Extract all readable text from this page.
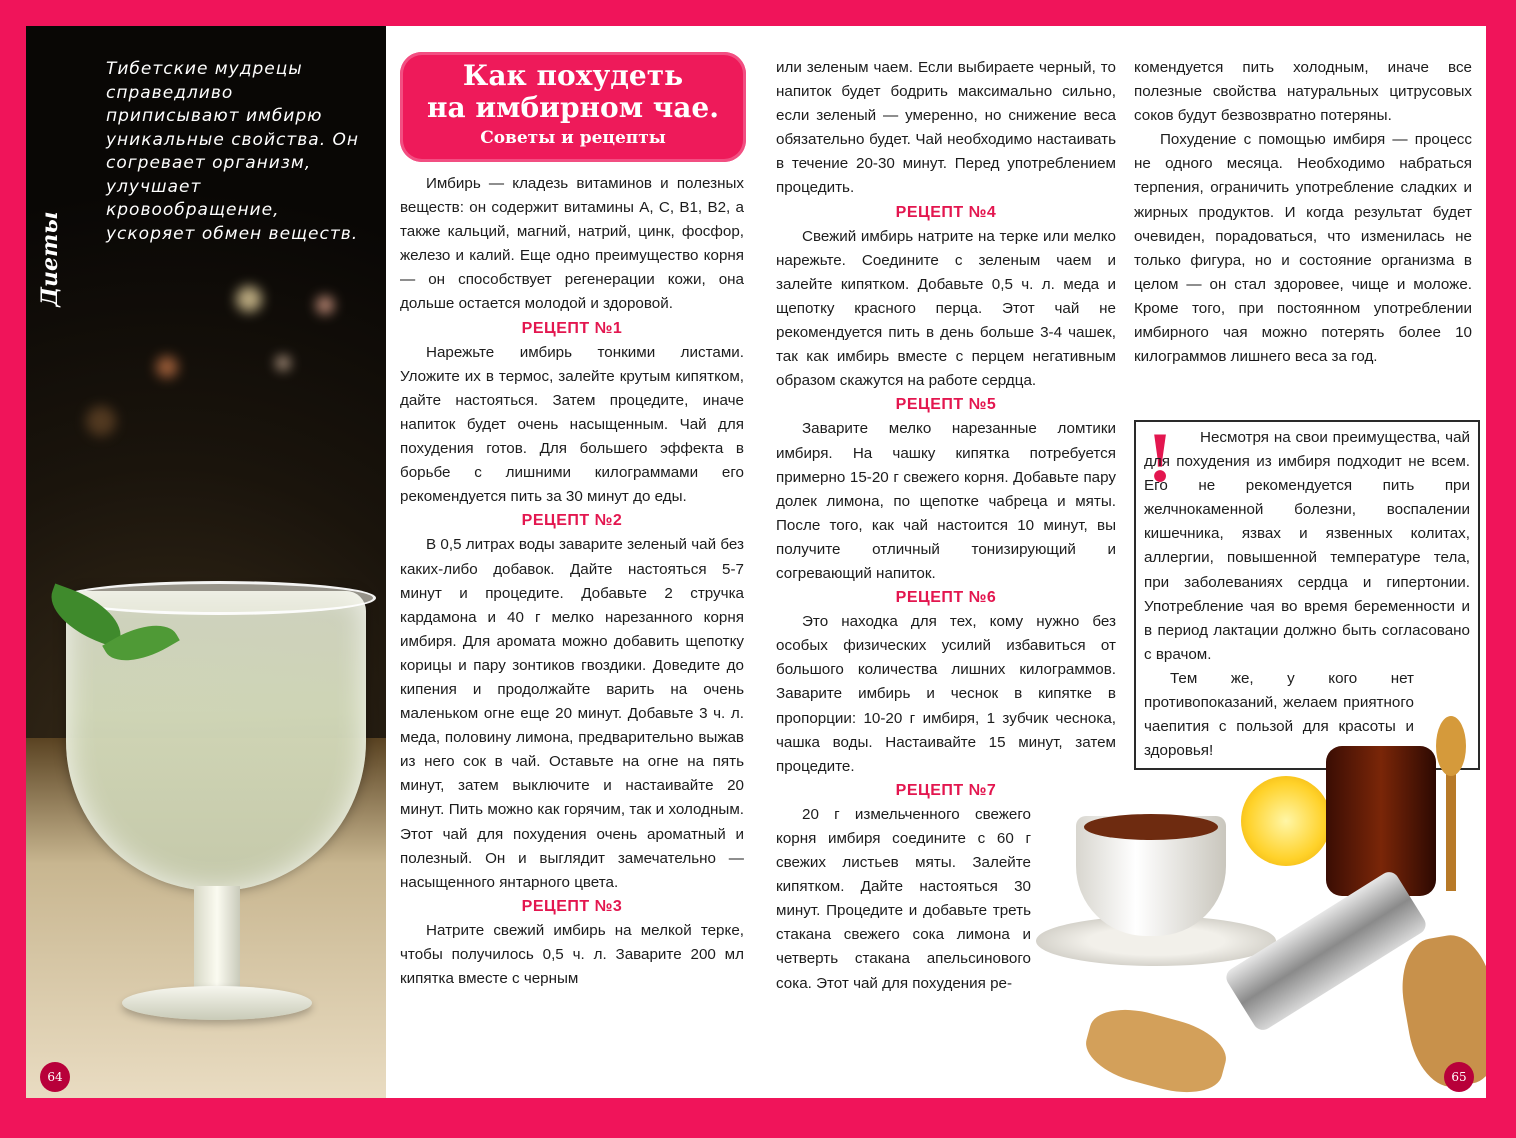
Диеты
Тибетские мудрецы справедливо приписывают имбирю уникальные свойства. Он согревает организм, улучшает кровообращение, ускоряет обмен веществ.
64
Как похудеть
на имбирном чае.
Советы и рецепты

Имбирь — кладезь витаминов и полезных веществ: он содержит витамины A, C, B1, B2, а также кальций, магний, натрий, цинк, фосфор, железо и калий. Еще одно преимущество корня — он способствует регенерации кожи, она дольше остается молодой и здоровой.

РЕЦЕПТ №1

Нарежьте имбирь тонкими листами. Уложите их в термос, залейте крутым кипятком, дайте настояться. Затем процедите, иначе напиток будет очень насыщенным. Чай для похудения готов. Для большего эффекта в борьбе с лишними килограммами его рекомендуется пить за 30 минут до еды.

РЕЦЕПТ №2

В 0,5 литрах воды заварите зеленый чай без каких-либо добавок. Дайте настояться 5-7 минут и процедите. Добавьте 2 стручка кардамона и 40 г мелко нарезанного корня имбиря. Для аромата можно добавить щепотку корицы и пару зонтиков гвоздики. Доведите до кипения и продолжайте варить на очень маленьком огне еще 20 минут. Добавьте 3 ч. л. меда, половину лимона, предварительно выжав из него сок в чай. Оставьте на огне на пять минут, затем выключите и настаивайте 20 минут. Пить можно как горячим, так и холодным. Этот чай для похудения очень ароматный и полезный. Он и выглядит замечательно — насыщенного янтарного цвета.

РЕЦЕПТ №3

Натрите свежий имбирь на мелкой терке, чтобы получилось 0,5 ч. л. Заварите 200 мл кипятка вместе с черным

или зеленым чаем. Если выбираете черный, то напиток будет бодрить максимально сильно, если зеленый — умеренно, но снижение веса обязательно будет. Чай необходимо настаивать в течение 20-30 минут. Перед употреблением процедить.

РЕЦЕПТ №4

Свежий имбирь натрите на терке или мелко нарежьте. Соедините с зеленым чаем и залейте кипятком. Добавьте 0,5 ч. л. меда и щепотку красного перца. Этот чай не рекомендуется пить в день больше 3-4 чашек, так как имбирь вместе с перцем негативным образом скажутся на работе сердца.

РЕЦЕПТ №5

Заварите мелко нарезанные ломтики имбиря. На чашку кипятка потребуется примерно 15-20 г свежего корня. Добавьте пару долек лимона, по щепотке чабреца и мяты. После того, как чай настоится 10 минут, вы получите отличный тонизирующий и согревающий напиток.

РЕЦЕПТ №6

Это находка для тех, кому нужно без особых физических усилий избавиться от большого количества лишних килограммов. Заварите имбирь и чеснок в кипятке в пропорции: 10-20 г имбиря, 1 зубчик чеснока, чашка воды. Настаивайте 15 минут, затем процедите.

РЕЦЕПТ №7

20 г измельченного свежего корня имбиря соедините с 60 г свежих листьев мяты. Залейте кипятком. Дайте настояться 30 минут. Процедите и добавьте треть стакана свежего сока лимона и четверть стакана апельсинового сока. Этот чай для похудения ре-

комендуется пить холодным, иначе все полезные свойства натуральных цитрусовых соков будут безвозвратно потеряны.

Похудение с помощью имбиря — процесс не одного месяца. Необходимо набраться терпения, ограничить употребление сладких и жирных продуктов. И когда результат будет очевиден, порадоваться, что изменилась не только фигура, но и состояние организма в целом — он стал здоровее, чище и моложе. Кроме того, при постоянном употреблении имбирного чая можно потерять более 10 килограммов лишнего веса за год.

!	Несмотря на свои преимущества, чай для похудения из имбиря подходит не всем. Его не рекомендуется пить при желчнокаменной болезни, воспалении кишечника, язвах и язвенных колитах, аллергии, повышенной температуре тела, при заболеваниях сердца и гипертонии. Употребление чая во время беременности и в период лактации должно быть согласовано с врачом.

Тем же, у кого нет противопоказаний, желаем приятного чаепития с пользой для красоты и здоровья!

65
